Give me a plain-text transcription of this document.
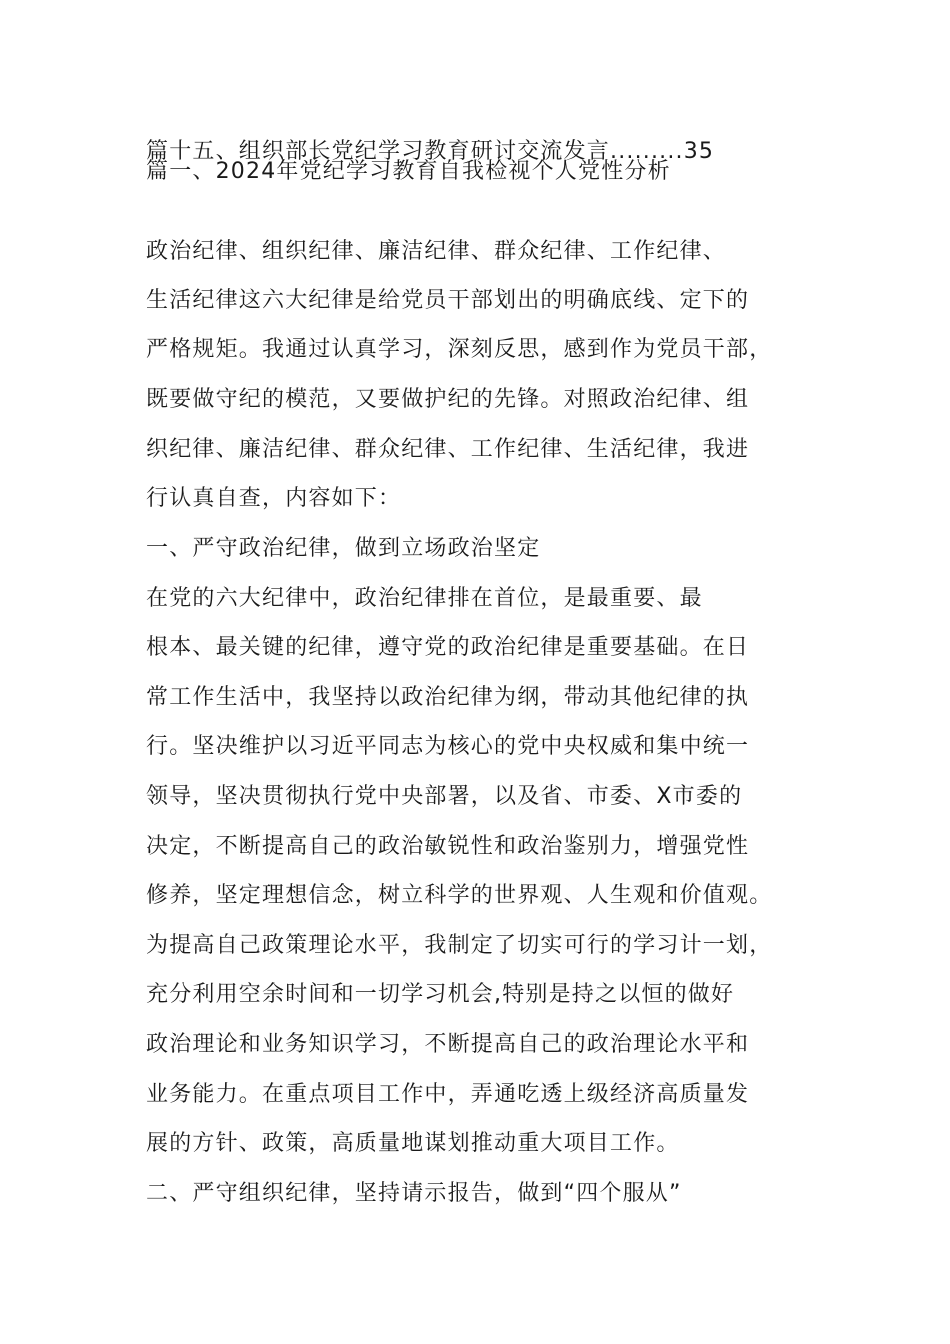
篇十五、组织部长党纪学习教育研讨交流发言.........35
篇一、2024年党纪学习教育自我检视个人党性分析
政治纪律、组织纪律、廉洁纪律、群众纪律、工作纪律、
生活纪律这六大纪律是给党员干部划出的明确底线、定下的
严格规矩。我通过认真学习，深刻反思，感到作为党员干部，
既要做守纪的模范，又要做护纪的先锋。对照政治纪律、组
织纪律、廉洁纪律、群众纪律、工作纪律、生活纪律，我进
行认真自查，内容如下：
一、严守政治纪律，做到立场政治坚定
在党的六大纪律中，政治纪律排在首位，是最重要、最
根本、最关键的纪律，遵守党的政治纪律是重要基础。在日
常工作生活中，我坚持以政治纪律为纲，带动其他纪律的执
行。坚决维护以习近平同志为核心的党中央权威和集中统一
领导，坚决贯彻执行党中央部署，以及省、市委、X市委的
决定，不断提高自己的政治敏锐性和政治鉴别力，增强党性
修养，坚定理想信念，树立科学的世界观、人生观和价值观。
为提高自己政策理论水平，我制定了切实可行的学习计一划，
充分利用空余时间和一切学习机会,特别是持之以恒的做好
政治理论和业务知识学习，不断提高自己的政治理论水平和
业务能力。在重点项目工作中，弄通吃透上级经济高质量发
展的方针、政策，高质量地谋划推动重大项目工作。
二、严守组织纪律，坚持请示报告，做到“四个服从”
